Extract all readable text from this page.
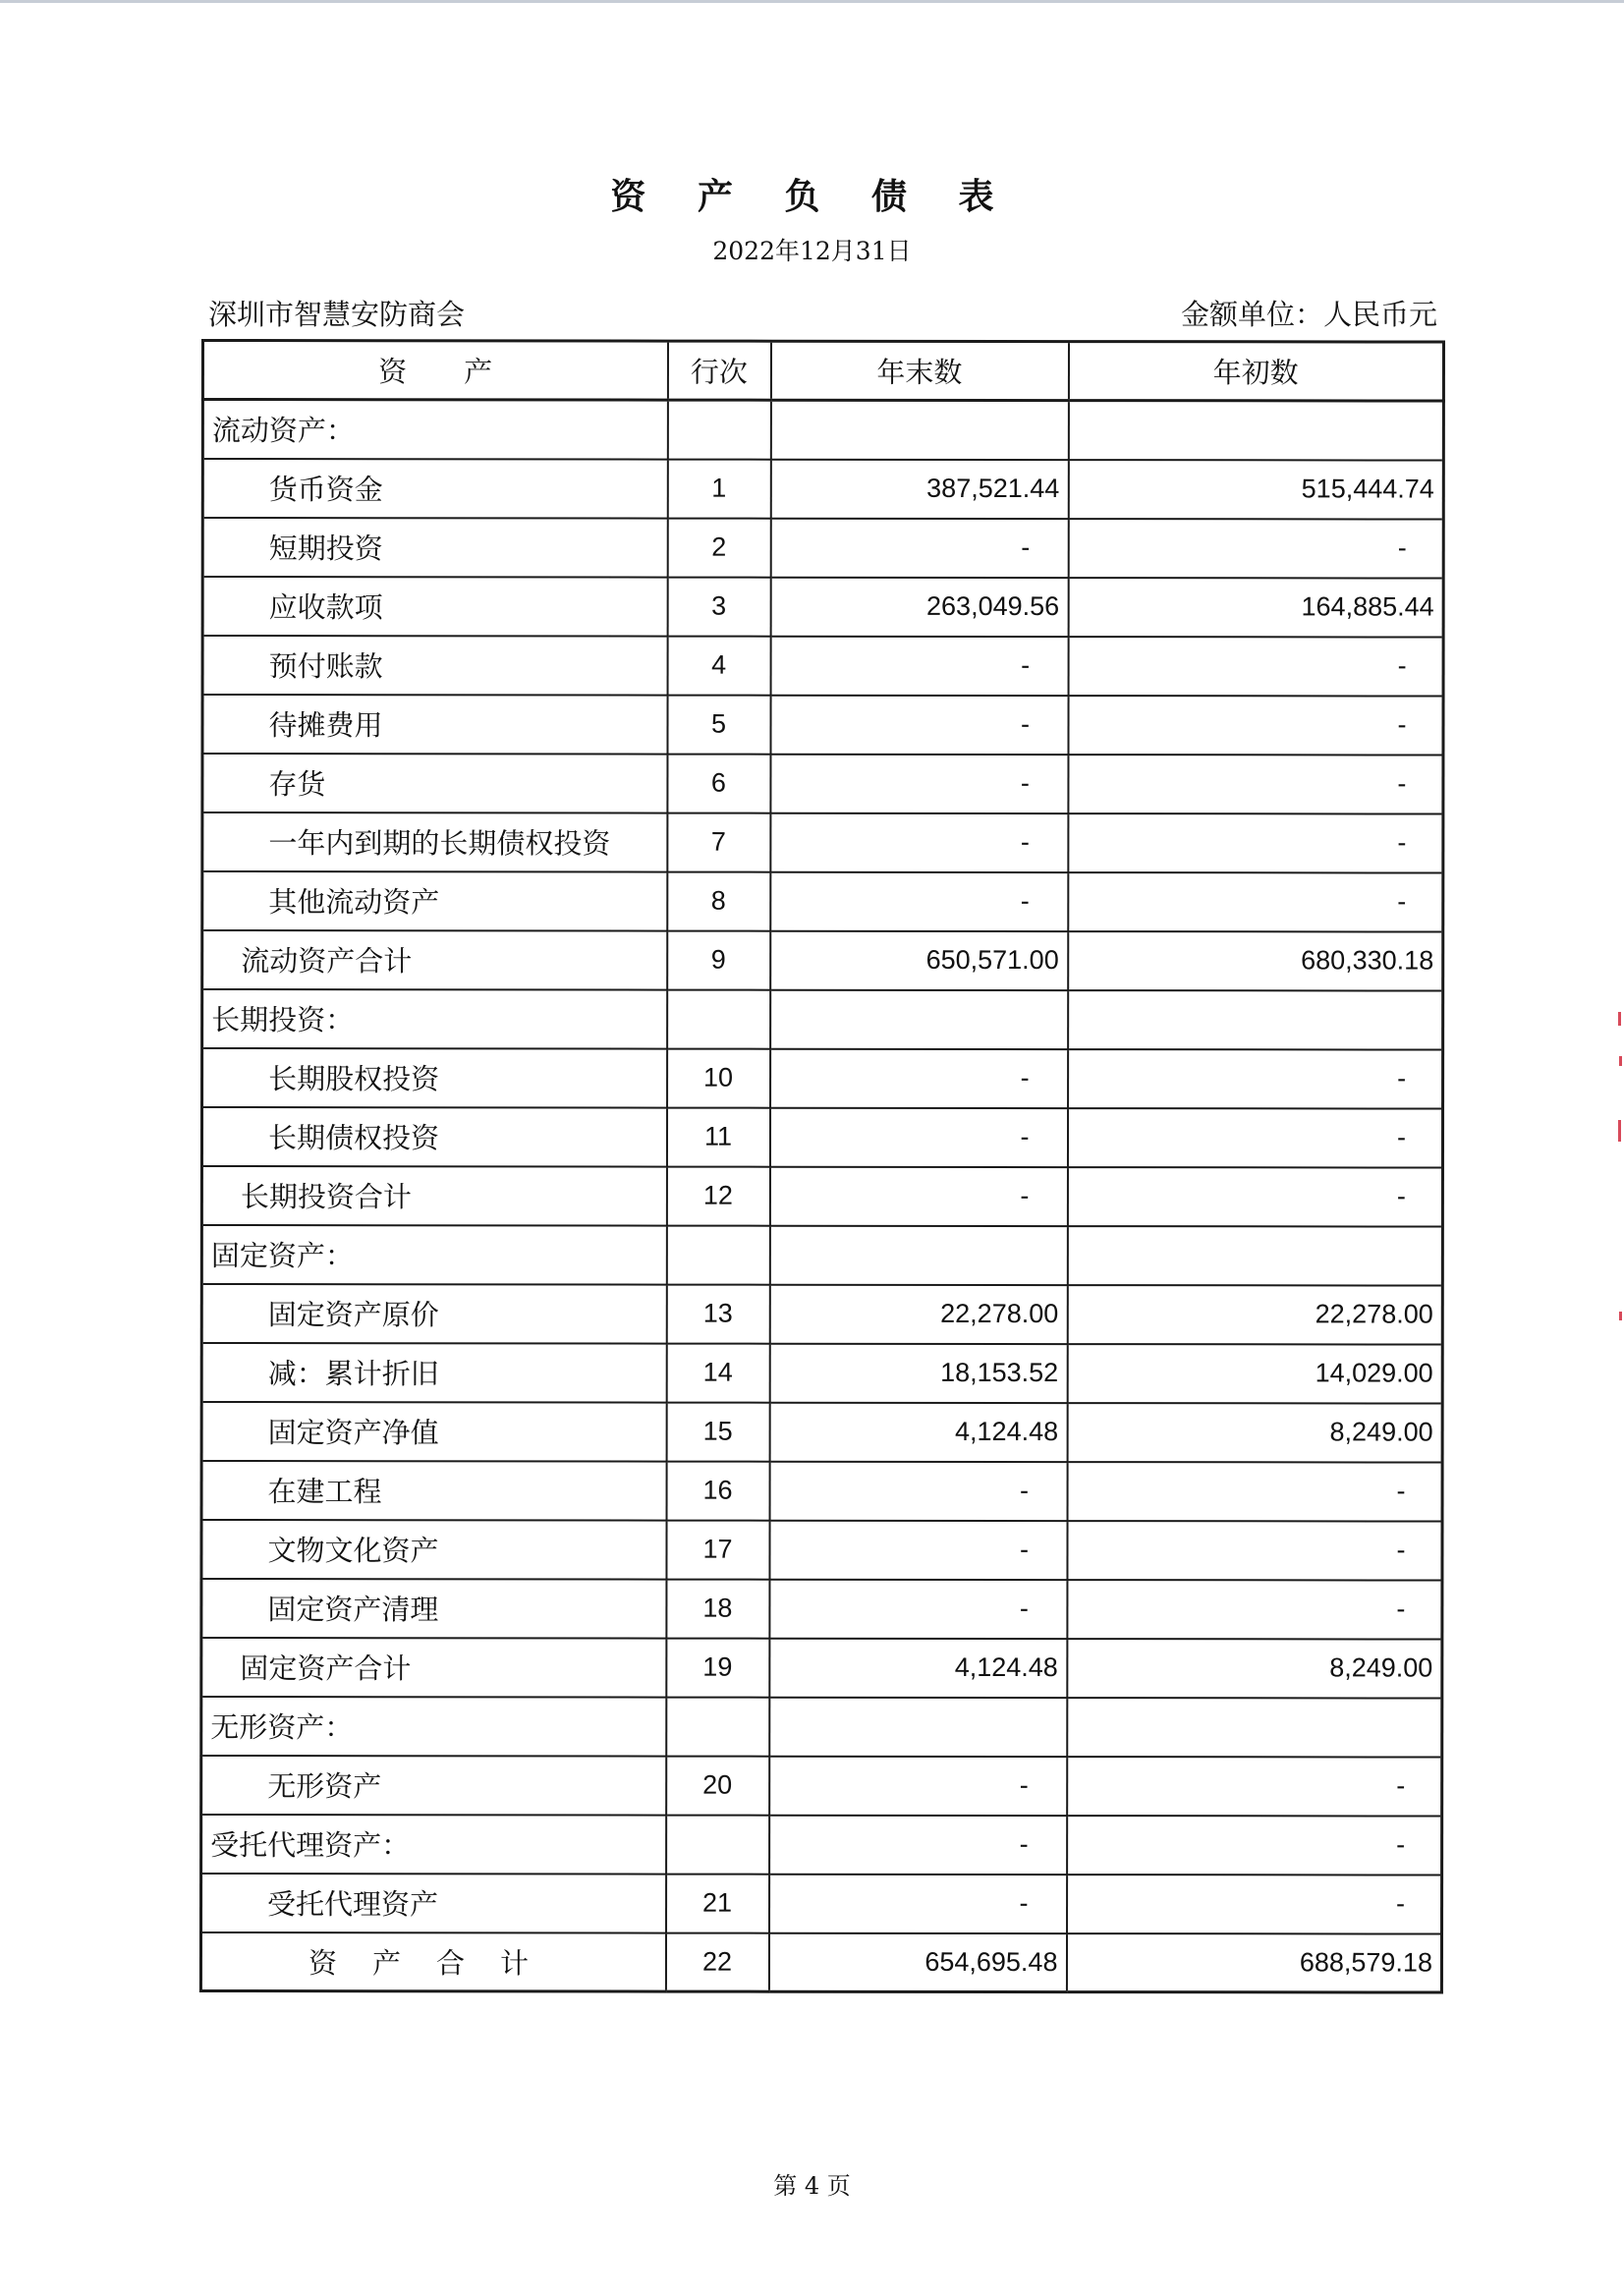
资 产 负 债 表
2022年12月31日
深圳市智慧安防商会	金额单位：人民币元
资　　产	行次	年末数	年初数
流动资产：			
货币资金	1	387,521.44	515,444.74
短期投资	2	-	-
应收款项	3	263,049.56	164,885.44
预付账款	4	-	-
待摊费用	5	-	-
存货	6	-	-
一年内到期的长期债权投资	7	-	-
其他流动资产	8	-	-
流动资产合计	9	650,571.00	680,330.18
长期投资：			
长期股权投资	10	-	-
长期债权投资	11	-	-
长期投资合计	12	-	-
固定资产：			
固定资产原价	13	22,278.00	22,278.00
减：累计折旧	14	18,153.52	14,029.00
固定资产净值	15	4,124.48	8,249.00
在建工程	16	-	-
文物文化资产	17	-	-
固定资产清理	18	-	-
固定资产合计	19	4,124.48	8,249.00
无形资产：			
无形资产	20	-	-
受托代理资产：		-	-
受托代理资产	21	-	-
资产合计	22	654,695.48	688,579.18
第 4 页
